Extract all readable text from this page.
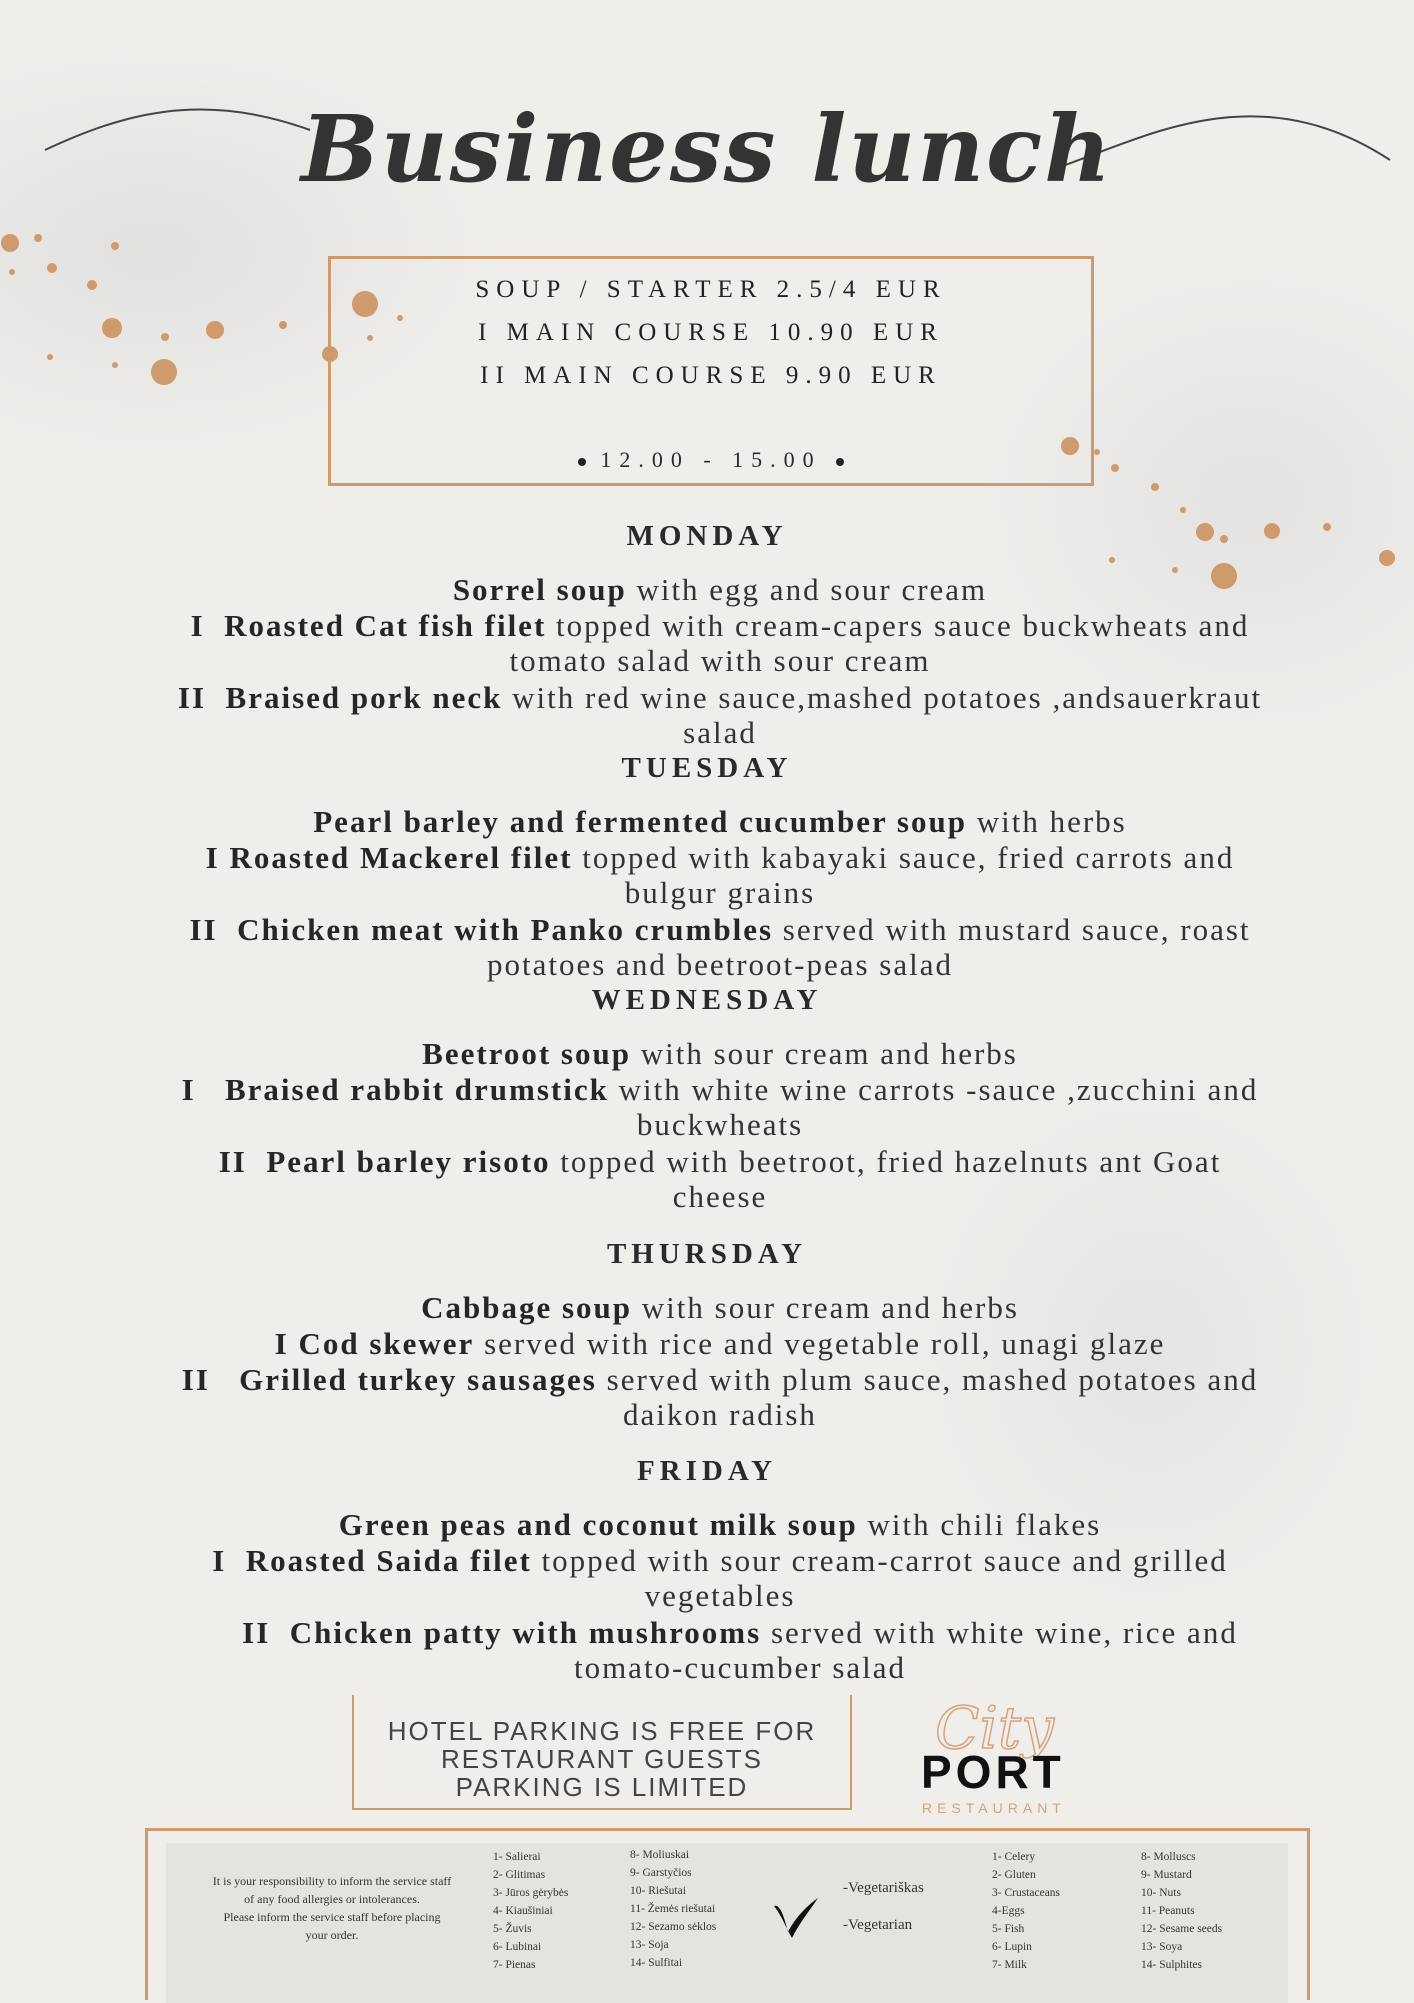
Business lunch
SOUP / STARTER 2.5/4 EUR
I MAIN COURSE 10.90 EUR
II MAIN COURSE 9.90 EUR
12.00 - 15.00
MONDAY
Sorrel soup with egg and sour cream
I Roasted Cat fish filet topped with cream-capers sauce buckwheats and
tomato salad with sour cream
II Braised pork neck with red wine sauce,mashed potatoes ,andsauerkraut
salad
TUESDAY
Pearl barley and fermented cucumber soup with herbs
I Roasted Mackerel filet topped with kabayaki sauce, fried carrots and
bulgur grains
II Chicken meat with Panko crumbles served with mustard sauce, roast
potatoes and beetroot-peas salad
WEDNESDAY
Beetroot soup with sour cream and herbs
I Braised rabbit drumstick with white wine carrots -sauce ,zucchini and
buckwheats
II Pearl barley risoto topped with beetroot, fried hazelnuts ant Goat
cheese
THURSDAY
Cabbage soup with sour cream and herbs
I Cod skewer served with rice and vegetable roll, unagi glaze
II Grilled turkey sausages served with plum sauce, mashed potatoes and
daikon radish
FRIDAY
Green peas and coconut milk soup with chili flakes
I Roasted Saida filet topped with sour cream-carrot sauce and grilled
vegetables
II Chicken patty with mushrooms served with white wine, rice and
tomato-cucumber salad
HOTEL PARKING IS FREE FOR
RESTAURANT GUESTS
PARKING IS LIMITED
City
PORT
RESTAURANT
It is your responsibility to inform the service staff
of any food allergies or intolerances.
Please inform the service staff before placing
your order.
1- Salierai
2- Glitimas
3- Jūros gėrybės
4- Kiaušiniai
5- Žuvis
6- Lubinai
7- Pienas
8- Moliuskai
9- Garstyčios
10- Riešutai
11- Žemės riešutai
12- Sezamo sėklos
13- Soja
14- Sulfitai
-Vegetariškas
-Vegetarian
1- Celery
2- Gluten
3- Crustaceans
4-Eggs
5- Fish
6- Lupin
7- Milk
8- Molluscs
9- Mustard
10- Nuts
11- Peanuts
12- Sesame seeds
13- Soya
14- Sulphites
